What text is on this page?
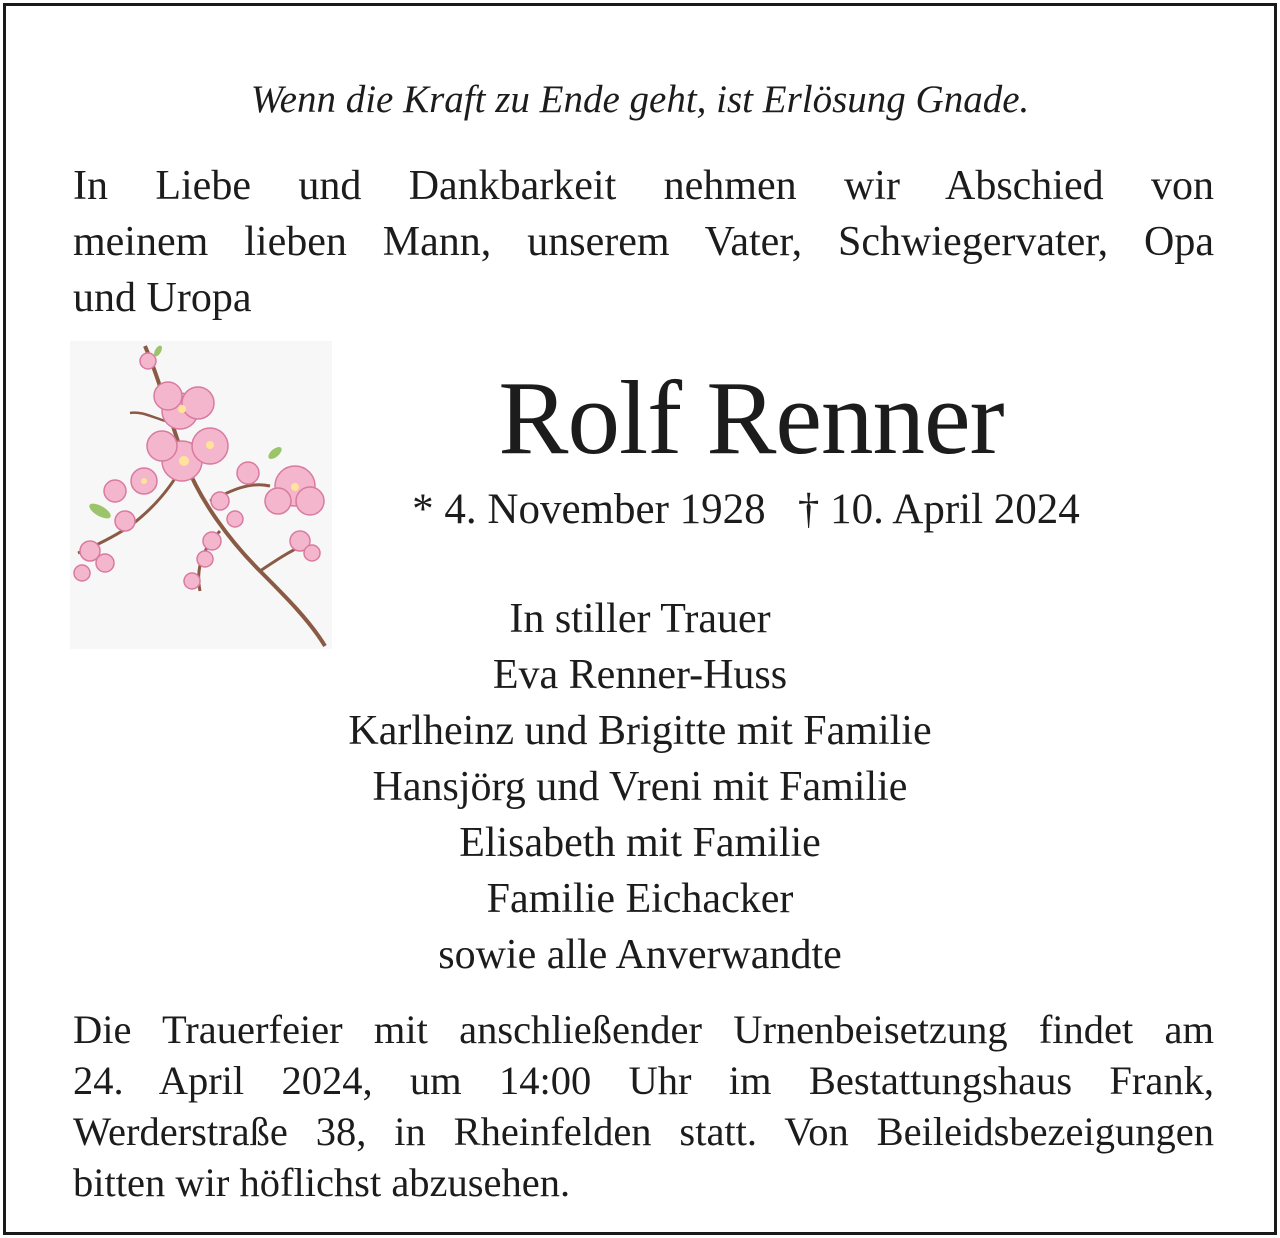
Wenn die Kraft zu Ende geht, ist Erlösung Gnade.
In Liebe und Dankbarkeit nehmen wir Abschied von
meinem lieben Mann, unserem Vater, Schwiegervater, Opa
und Uropa
Rolf Renner
* 4. November 1928   † 10. April 2024
In stiller Trauer
Eva Renner-Huss
Karlheinz und Brigitte mit Familie
Hansjörg und Vreni mit Familie
Elisabeth mit Familie
Familie Eichacker
sowie alle Anverwandte
Die Trauerfeier mit anschließender Urnenbeisetzung findet am
24. April 2024, um 14:00 Uhr im Bestattungshaus Frank,
Werderstraße 38, in Rheinfelden statt. Von Beileidsbezeigungen
bitten wir höflichst abzusehen.
